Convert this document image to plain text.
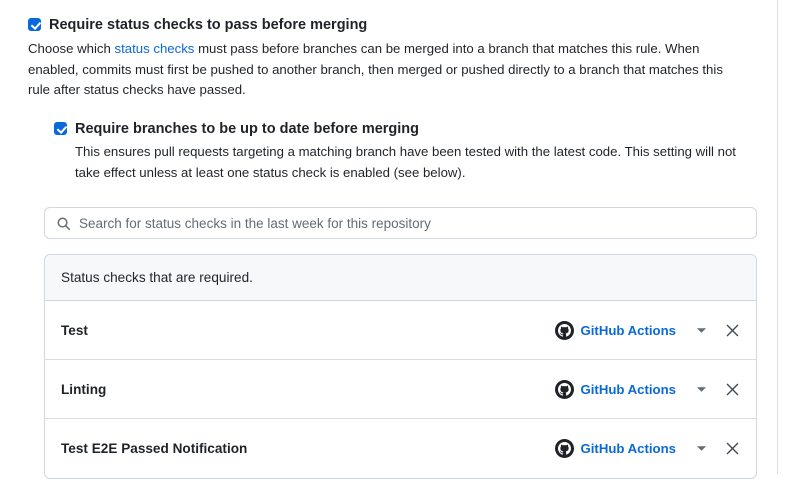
Require status checks to pass before merging
Choose which status checks must pass before branches can be merged into a branch that matches this rule. When enabled, commits must first be pushed to another branch, then merged or pushed directly to a branch that matches this rule after status checks have passed.
Require branches to be up to date before merging
This ensures pull requests targeting a matching branch have been tested with the latest code. This setting will not take effect unless at least one status check is enabled (see below).
Search for status checks in the last week for this repository
Status checks that are required.
Test	GitHub Actions
Linting	GitHub Actions
Test E2E Passed Notification	GitHub Actions
